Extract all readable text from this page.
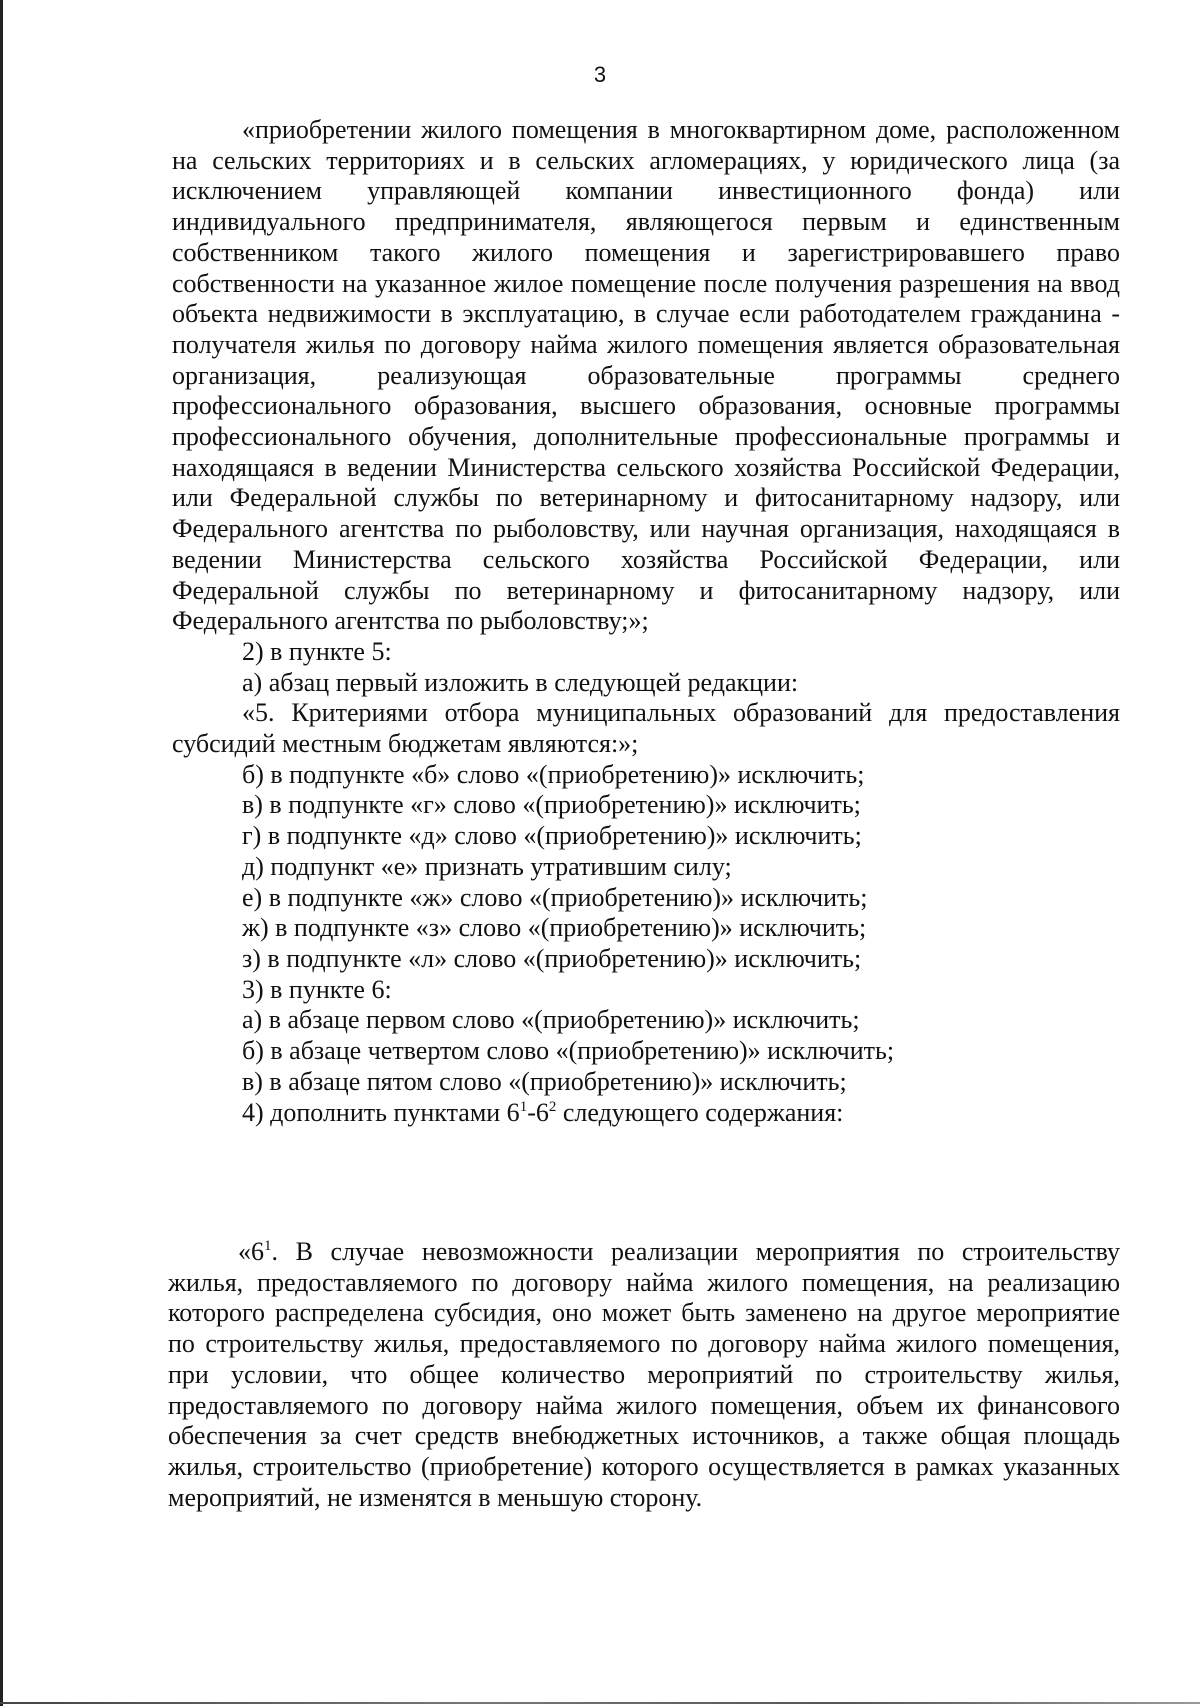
3

«приобретении жилого помещения в многоквартирном доме, расположенном на сельских территориях и в сельских агломерациях, у юридического лица (за исключением управляющей компании инвестиционного фонда) или индивидуального предпринимателя, являющегося первым и единственным собственником такого жилого помещения и зарегистрировавшего право собственности на указанное жилое помещение после получения разрешения на ввод объекта недвижимости в эксплуатацию, в случае если работодателем гражданина - получателя жилья по договору найма жилого помещения является образовательная организация, реализующая образовательные программы среднего профессионального образования, высшего образования, основные программы профессионального обучения, дополнительные профессиональные программы и находящаяся в ведении Министерства сельского хозяйства Российской Федерации, или Федеральной службы по ветеринарному и фитосанитарному надзору, или Федерального агентства по рыболовству, или научная организация, находящаяся в ведении Министерства сельского хозяйства Российской Федерации, или Федеральной службы по ветеринарному и фитосанитарному надзору, или Федерального агентства по рыболовству;»;

2) в пункте 5:

а) абзац первый изложить в следующей редакции:

«5. Критериями отбора муниципальных образований для предоставления субсидий местным бюджетам являются:»;

б) в подпункте «б» слово «(приобретению)» исключить;

в) в подпункте «г» слово «(приобретению)» исключить;

г) в подпункте «д» слово «(приобретению)» исключить;

д) подпункт «е» признать утратившим силу;

е) в подпункте «ж» слово «(приобретению)» исключить;

ж) в подпункте «з» слово «(приобретению)» исключить;

з) в подпункте «л» слово «(приобретению)» исключить;

3) в пункте 6:

а) в абзаце первом слово «(приобретению)» исключить;

б) в абзаце четвертом слово «(приобретению)» исключить;

в) в абзаце пятом слово «(приобретению)» исключить;

4) дополнить пунктами $6^1-6^2$ следующего содержания:

«$6^1$. В случае невозможности реализации мероприятия по строительству жилья, предоставляемого по договору найма жилого помещения, на реализацию которого распределена субсидия, оно может быть заменено на другое мероприятие по строительству жилья, предоставляемого по договору найма жилого помещения, при условии, что общее количество мероприятий по строительству жилья, предоставляемого по договору найма жилого помещения, объем их финансового обеспечения за счет средств внебюджетных источников, а также общая площадь жилья, строительство (приобретение) которого осуществляется в рамках указанных мероприятий, не изменятся в меньшую сторону.
